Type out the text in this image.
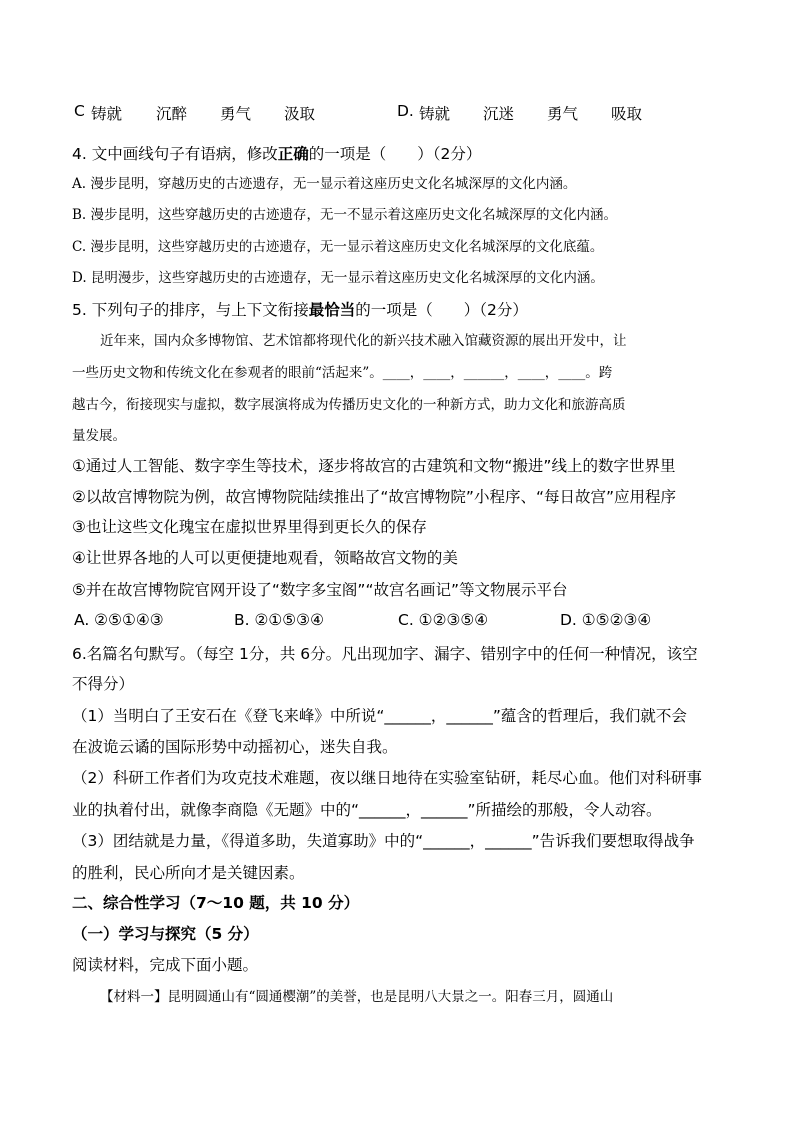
C 铸就 沉醉 勇气 汲取	D. 铸就 沉迷 勇气 吸取
4. 文中画线句子有语病，修改正确的一项是（　　）（2分）
A. 漫步昆明，穿越历史的古迹遗存，无一显示着这座历史文化名城深厚的文化内涵。
B. 漫步昆明，这些穿越历史的古迹遗存，无一不显示着这座历史文化名城深厚的文化内涵。
C. 漫步昆明，这些穿越历史的古迹遗存，无一显示着这座历史文化名城深厚的文化底蕴。
D. 昆明漫步，这些穿越历史的古迹遗存，无一显示着这座历史文化名城深厚的文化内涵。
5. 下列句子的排序，与上下文衔接最恰当的一项是（　　）（2分）
近年来，国内众多博物馆、艺术馆都将现代化的新兴技术融入馆藏资源的展出开发中，让
一些历史文物和传统文化在参观者的眼前“活起来”。____，____，______，____，____。跨
越古今，衔接现实与虚拟，数字展演将成为传播历史文化的一种新方式，助力文化和旅游高质
量发展。
①通过人工智能、数字孪生等技术，逐步将故宫的古建筑和文物“搬进”线上的数字世界里
②以故宫博物院为例，故宫博物院陆续推出了“故宫博物院”小程序、“每日故宫”应用程序
③也让这些文化瑰宝在虚拟世界里得到更长久的保存
④让世界各地的人可以更便捷地观看，领略故宫文物的美
⑤并在故宫博物院官网开设了“数字多宝阁”“故宫名画记”等文物展示平台
A. ②⑤①④③	B. ②①⑤③④	C. ①②③⑤④	D. ①⑤②③④
6.名篇名句默写。（每空 1分，共 6分。凡出现加字、漏字、错别字中的任何一种情况，该空
不得分）
（1）当明白了王安石在《登飞来峰》中所说“______，______”蕴含的哲理后，我们就不会
在波诡云谲的国际形势中动摇初心，迷失自我。
（2）科研工作者们为攻克技术难题，夜以继日地待在实验室钻研，耗尽心血。他们对科研事
业的执着付出，就像李商隐《无题》中的“______，______”所描绘的那般，令人动容。
（3）团结就是力量，《得道多助，失道寡助》中的“______，______”告诉我们要想取得战争
的胜利，民心所向才是关键因素。
二、综合性学习（7～10 题，共 10 分）
（一）学习与探究（5 分）
阅读材料，完成下面小题。
【材料一】昆明圆通山有“圆通樱潮”的美誉，也是昆明八大景之一。阳春三月，圆通山
